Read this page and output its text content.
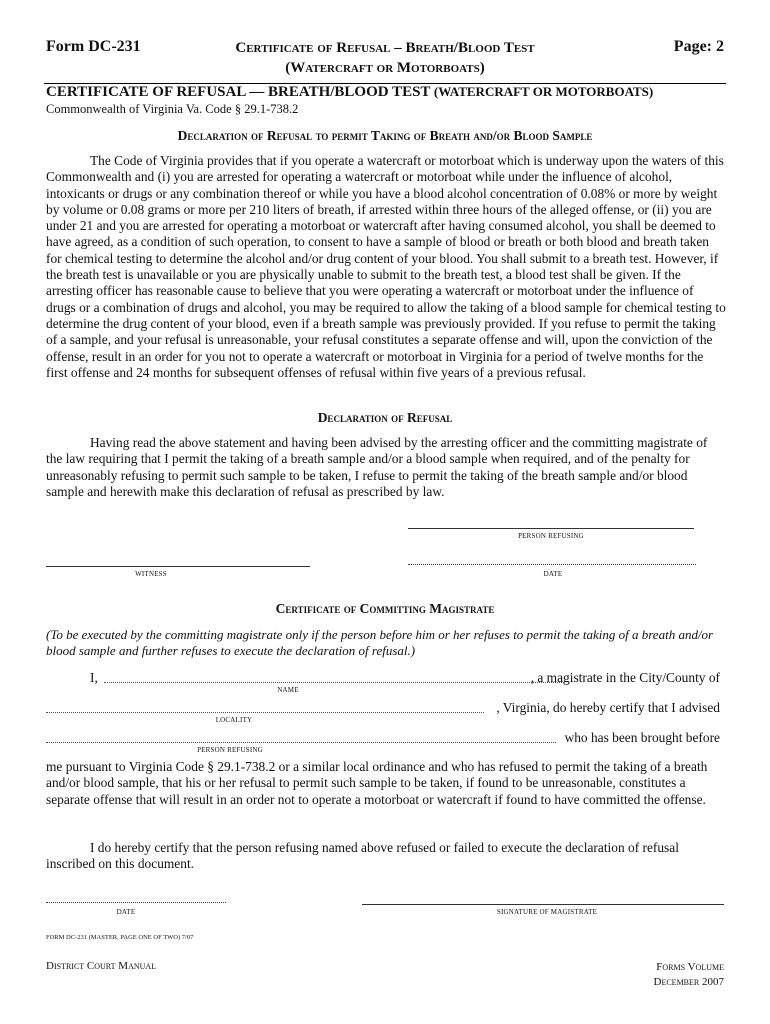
Form DC-231	Certificate of Refusal – Breath/Blood Test
(Watercraft or Motorboats)
Page: 2
CERTIFICATE OF REFUSAL — BREATH/BLOOD TEST (WATERCRAFT OR MOTORBOATS)
Commonwealth of Virginia Va. Code § 29.1-738.2
Declaration of Refusal to permit Taking of Breath and/or Blood Sample
The Code of Virginia provides that if you operate a watercraft or motorboat which is underway upon the waters of this Commonwealth and (i) you are arrested for operating a watercraft or motorboat while under the influence of alcohol, intoxicants or drugs or any combination thereof or while you have a blood alcohol concentration of 0.08% or more by weight by volume or 0.08 grams or more per 210 liters of breath, if arrested within three hours of the alleged offense, or (ii) you are under 21 and you are arrested for operating a motorboat or watercraft after having consumed alcohol, you shall be deemed to have agreed, as a condition of such operation, to consent to have a sample of blood or breath or both blood and breath taken for chemical testing to determine the alcohol and/or drug content of your blood. You shall submit to a breath test. However, if the breath test is unavailable or you are physically unable to submit to the breath test, a blood test shall be given. If the arresting officer has reasonable cause to believe that you were operating a watercraft or motorboat under the influence of drugs or a combination of drugs and alcohol, you may be required to allow the taking of a blood sample for chemical testing to determine the drug content of your blood, even if a breath sample was previously provided. If you refuse to permit the taking of a sample, and your refusal is unreasonable, your refusal constitutes a separate offense and will, upon the conviction of the offense, result in an order for you not to operate a watercraft or motorboat in Virginia for a period of twelve months for the first offense and 24 months for subsequent offenses of refusal within five years of a previous refusal.
Declaration of Refusal
Having read the above statement and having been advised by the arresting officer and the committing magistrate of the law requiring that I permit the taking of a breath sample and/or a blood sample when required, and of the penalty for unreasonably refusing to permit such sample to be taken, I refuse to permit the taking of the breath sample and/or blood sample and herewith make this declaration of refusal as prescribed by law.
PERSON REFUSING
WITNESS	DATE
Certificate of Committing Magistrate
(To be executed by the committing magistrate only if the person before him or her refuses to permit the taking of a breath and/or blood sample and further refuses to execute the declaration of refusal.)
I,	, a magistrate in the City/County of
NAME
, Virginia, do hereby certify that I advised
LOCALITY
who has been brought before
PERSON REFUSING
me pursuant to Virginia Code § 29.1-738.2 or a similar local ordinance and who has refused to permit the taking of a breath and/or blood sample, that his or her refusal to permit such sample to be taken, if found to be unreasonable, constitutes a separate offense that will result in an order not to operate a motorboat or watercraft if found to have committed the offense.
I do hereby certify that the person refusing named above refused or failed to execute the declaration of refusal inscribed on this document.
DATE	SIGNATURE OF MAGISTRATE
FORM DC-231 (MASTER, PAGE ONE OF TWO) 7/07
District Court Manual	Forms Volume
December 2007
